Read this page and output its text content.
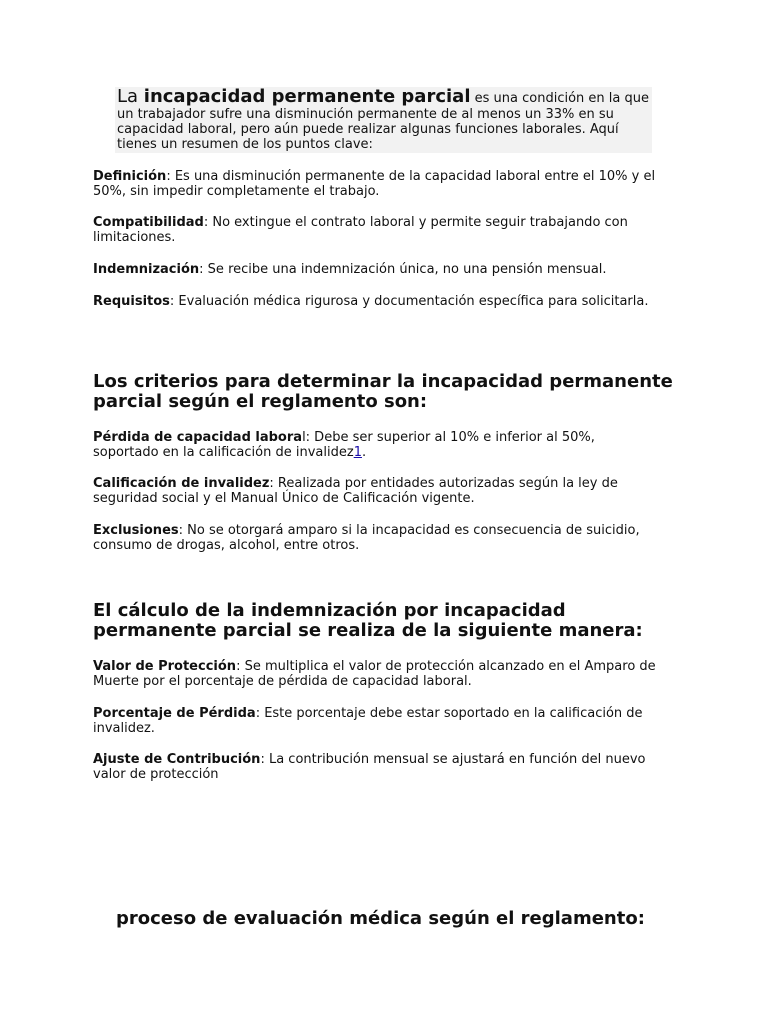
La incapacidad permanente parcial es una condición en la que un trabajador sufre una disminución permanente de al menos un 33% en su capacidad laboral, pero aún puede realizar algunas funciones laborales. Aquí tienes un resumen de los puntos clave:
Definición: Es una disminución permanente de la capacidad laboral entre el 10% y el 50%, sin impedir completamente el trabajo.
Compatibilidad: No extingue el contrato laboral y permite seguir trabajando con limitaciones.
Indemnización: Se recibe una indemnización única, no una pensión mensual.
Requisitos: Evaluación médica rigurosa y documentación específica para solicitarla.
Los criterios para determinar la incapacidad permanente parcial según el reglamento son:
Pérdida de capacidad laboral: Debe ser superior al 10% e inferior al 50%, soportado en la calificación de invalidez1.
Calificación de invalidez: Realizada por entidades autorizadas según la ley de seguridad social y el Manual Único de Calificación vigente.
Exclusiones: No se otorgará amparo si la incapacidad es consecuencia de suicidio, consumo de drogas, alcohol, entre otros.
El cálculo de la indemnización por incapacidad permanente parcial se realiza de la siguiente manera:
Valor de Protección: Se multiplica el valor de protección alcanzado en el Amparo de Muerte por el porcentaje de pérdida de capacidad laboral.
Porcentaje de Pérdida: Este porcentaje debe estar soportado en la calificación de invalidez.
Ajuste de Contribución: La contribución mensual se ajustará en función del nuevo valor de protección
proceso de evaluación médica según el reglamento:
